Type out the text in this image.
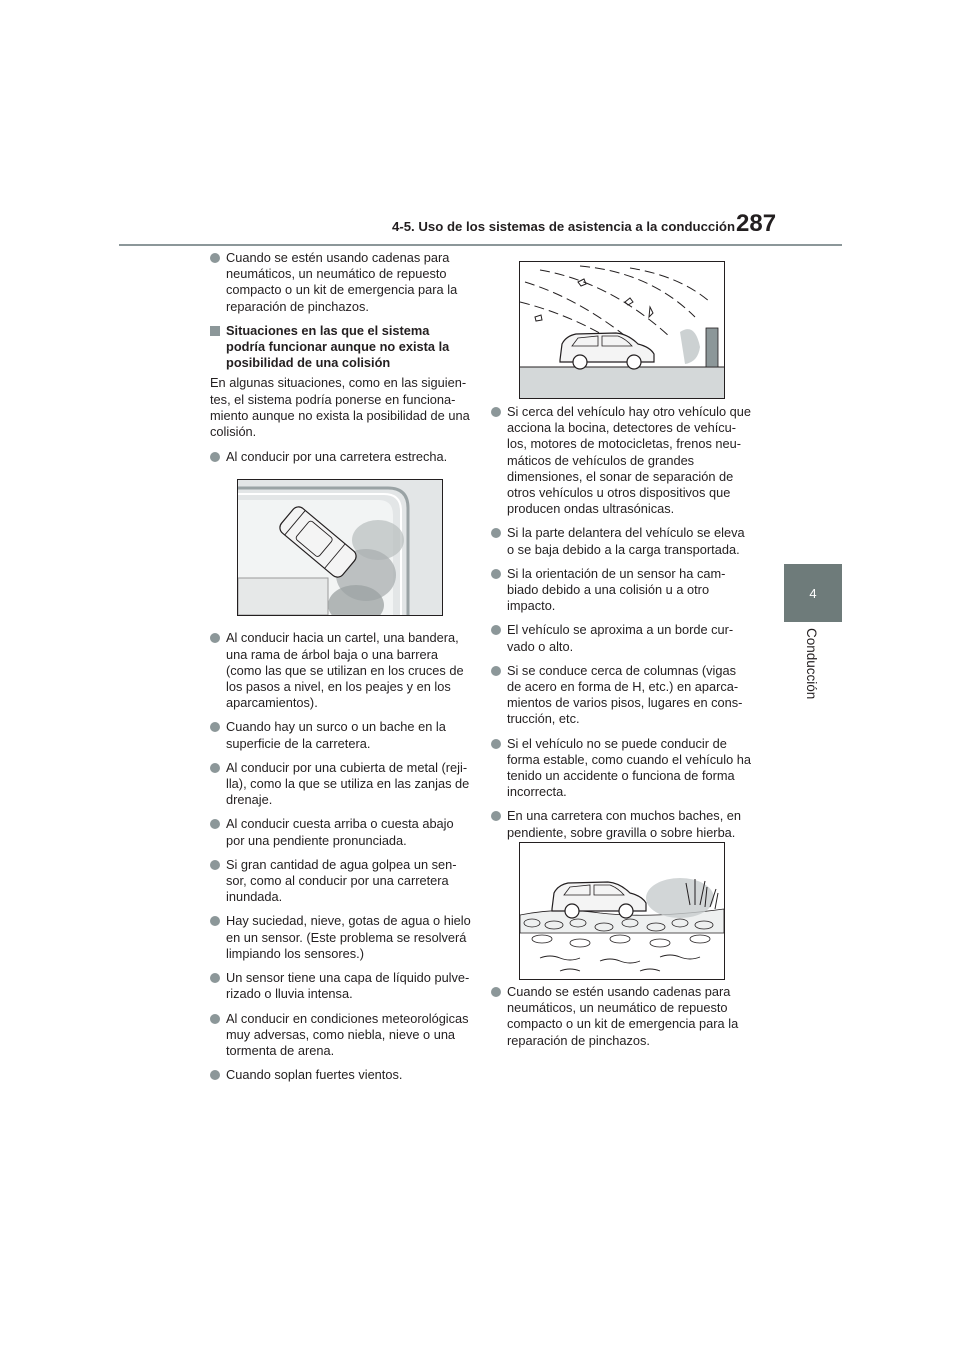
4-5. Uso de los sistemas de asistencia a la conducción 287
4
Conducción
Cuando se estén usando cadenas para neumáticos, un neumático de repuesto compacto o un kit de emergencia para la reparación de pinchazos.
Situaciones en las que el sistema podría funcionar aunque no exista la posibilidad de una colisión

En algunas situaciones, como en las siguien-tes, el sistema podría ponerse en funciona-miento aunque no exista la posibilidad de una colisión.

Al conducir por una carretera estrecha.
Al conducir hacia un cartel, una bandera, una rama de árbol baja o una barrera (como las que se utilizan en los cruces de los pasos a nivel, en los peajes y en los aparcamientos).
Cuando hay un surco o un bache en la superficie de la carretera.
Al conducir por una cubierta de metal (reji-lla), como la que se utiliza en las zanjas de drenaje.
Al conducir cuesta arriba o cuesta abajo por una pendiente pronunciada.
Si gran cantidad de agua golpea un sen-sor, como al conducir por una carretera inundada.
Hay suciedad, nieve, gotas de agua o hielo en un sensor. (Este problema se resolverá limpiando los sensores.)
Un sensor tiene una capa de líquido pulve-rizado o lluvia intensa.
Al conducir en condiciones meteorológicas muy adversas, como niebla, nieve o una tormenta de arena.
Cuando soplan fuertes vientos.
Si cerca del vehículo hay otro vehículo que acciona la bocina, detectores de vehícu-los, motores de motocicletas, frenos neu-máticos de vehículos de grandes dimensiones, el sonar de separación de otros vehículos u otros dispositivos que producen ondas ultrasónicas.
Si la parte delantera del vehículo se eleva o se baja debido a la carga transportada.
Si la orientación de un sensor ha cam-biado debido a una colisión u a otro impacto.
El vehículo se aproxima a un borde cur-vado o alto.
Si se conduce cerca de columnas (vigas de acero en forma de H, etc.) en aparca-mientos de varios pisos, lugares en cons-trucción, etc.
Si el vehículo no se puede conducir de forma estable, como cuando el vehículo ha tenido un accidente o funciona de forma incorrecta.
En una carretera con muchos baches, en pendiente, sobre gravilla o sobre hierba.
Cuando se estén usando cadenas para neumáticos, un neumático de repuesto compacto o un kit de emergencia para la reparación de pinchazos.
